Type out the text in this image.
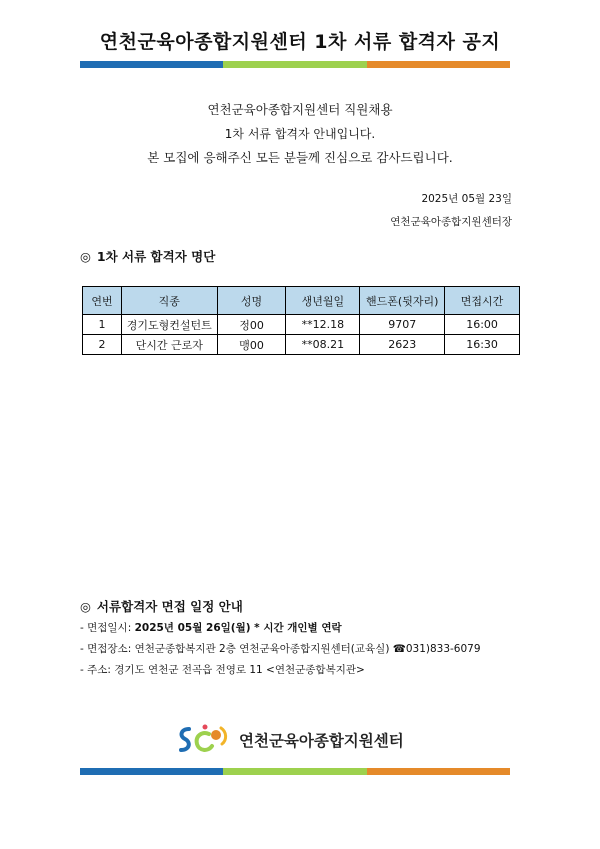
연천군육아종합지원센터 1차 서류 합격자 공지
연천군육아종합지원센터 직원채용
1차 서류 합격자 안내입니다.
본 모집에 응해주신 모든 분들께 진심으로 감사드립니다.
2025년 05월 23일
연천군육아종합지원센터장
◎ 1차 서류 합격자 명단
연번	직종	성명	생년월일	핸드폰(뒷자리)	면접시간
1	경기도형컨설턴트	정00	**12.18	9707	16:00
2	단시간 근로자	맹00	**08.21	2623	16:30
◎ 서류합격자 면접 일정 안내
- 면접일시: 2025년 05월 26일(월) * 시간 개인별 연락
- 면접장소: 연천군종합복지관 2층 연천군육아종합지원센터(교육실) ☎031)833-6079
- 주소: 경기도 연천군 전곡읍 전영로 11 <연천군종합복지관>
연천군육아종합지원센터
